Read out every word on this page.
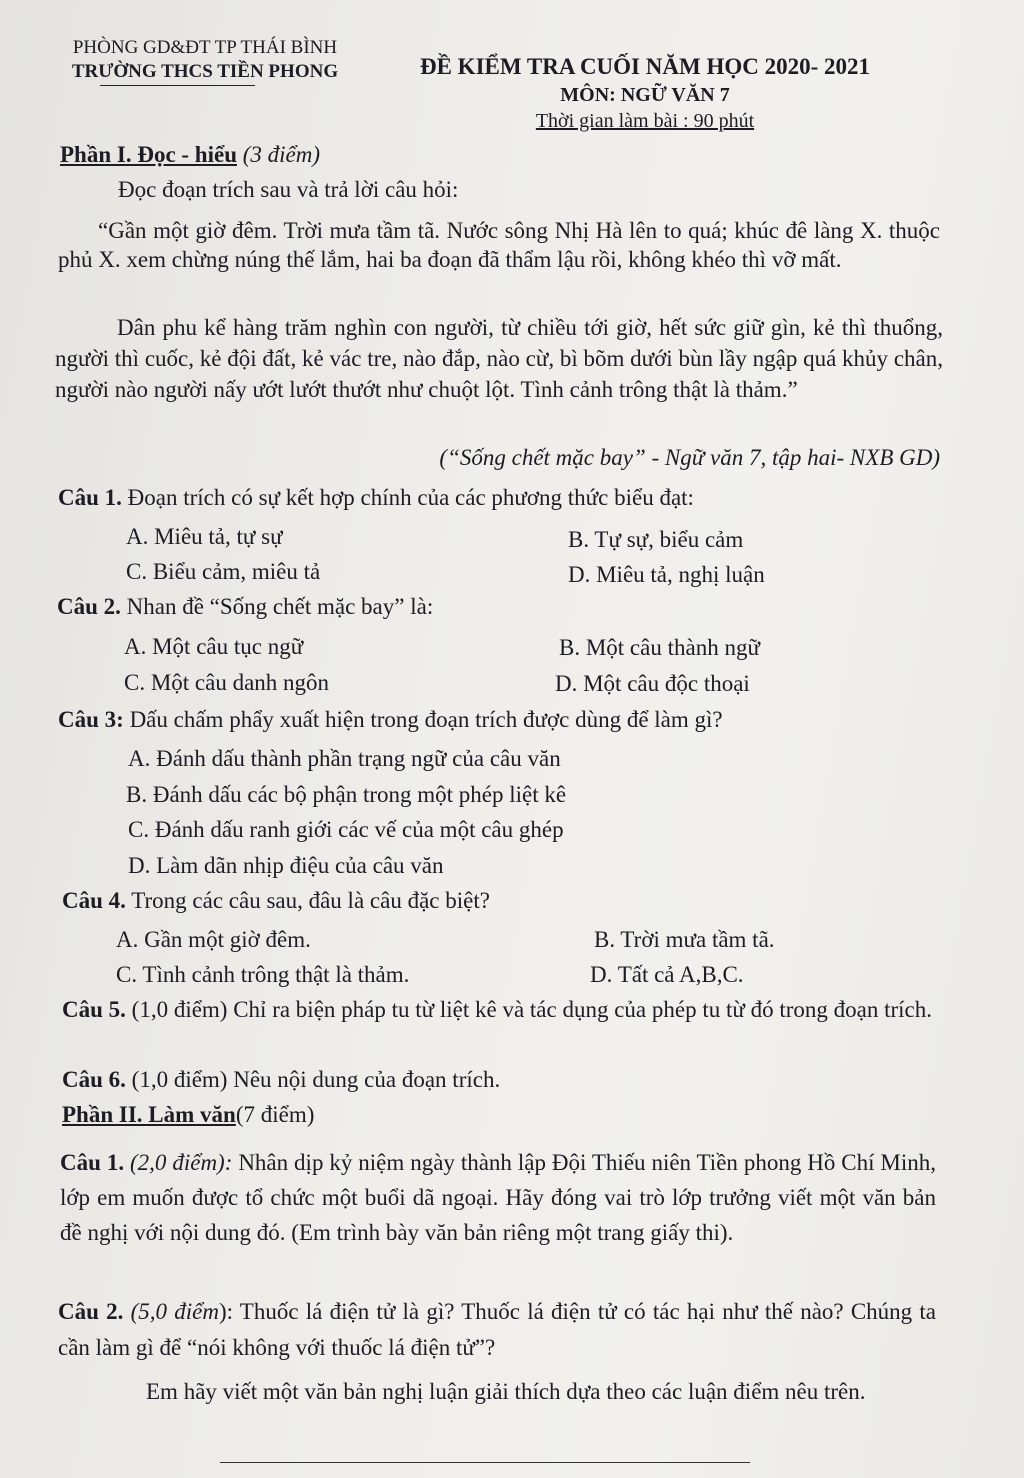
PHÒNG GD&ĐT TP THÁI BÌNH
TRƯỜNG THCS TIỀN PHONG	ĐỀ KIỂM TRA CUỐI NĂM HỌC 2020- 2021
MÔN: NGỮ VĂN 7
Thời gian làm bài : 90 phút
Phần I. Đọc - hiểu (3 điểm)
Đọc đoạn trích sau và trả lời câu hỏi:
“Gần một giờ đêm. Trời mưa tầm tã. Nước sông Nhị Hà lên to quá; khúc đê làng X. thuộc phủ X. xem chừng núng thế lắm, hai ba đoạn đã thẩm lậu rồi, không khéo thì vỡ mất.
Dân phu kể hàng trăm nghìn con người, từ chiều tới giờ, hết sức giữ gìn, kẻ thì thuổng, người thì cuốc, kẻ đội đất, kẻ vác tre, nào đắp, nào cừ, bì bõm dưới bùn lầy ngập quá khủy chân, người nào người nấy ướt lướt thướt như chuột lột. Tình cảnh trông thật là thảm.”
(“Sống chết mặc bay” - Ngữ văn 7, tập hai- NXB GD)
Câu 1. Đoạn trích có sự kết hợp chính của các phương thức biểu đạt:
A. Miêu tả, tự sự	B. Tự sự, biểu cảm
C. Biểu cảm, miêu tả	D. Miêu tả, nghị luận
Câu 2. Nhan đề “Sống chết mặc bay” là:
A. Một câu tục ngữ	B. Một câu thành ngữ
C. Một câu danh ngôn	D. Một câu độc thoại
Câu 3: Dấu chấm phẩy xuất hiện trong đoạn trích được dùng để làm gì?
A. Đánh dấu thành phần trạng ngữ của câu văn
B. Đánh dấu các bộ phận trong một phép liệt kê
C. Đánh dấu ranh giới các vế của một câu ghép
D. Làm dãn nhịp điệu của câu văn
Câu 4. Trong các câu sau, đâu là câu đặc biệt?
A. Gần một giờ đêm.	B. Trời mưa tầm tã.
C. Tình cảnh trông thật là thảm.	D. Tất cả A,B,C.
Câu 5. (1,0 điểm) Chỉ ra biện pháp tu từ liệt kê và tác dụng của phép tu từ đó trong đoạn trích.
Câu 6. (1,0 điểm) Nêu nội dung của đoạn trích.
Phần II. Làm văn(7 điểm)
Câu 1. (2,0 điểm): Nhân dịp kỷ niệm ngày thành lập Đội Thiếu niên Tiền phong Hồ Chí Minh, lớp em muốn được tổ chức một buổi dã ngoại. Hãy đóng vai trò lớp trưởng viết một văn bản đề nghị với nội dung đó. (Em trình bày văn bản riêng một trang giấy thi).
Câu 2. (5,0 điểm): Thuốc lá điện tử là gì? Thuốc lá điện tử có tác hại như thế nào? Chúng ta cần làm gì để “nói không với thuốc lá điện tử”?
Em hãy viết một văn bản nghị luận giải thích dựa theo các luận điểm nêu trên.
